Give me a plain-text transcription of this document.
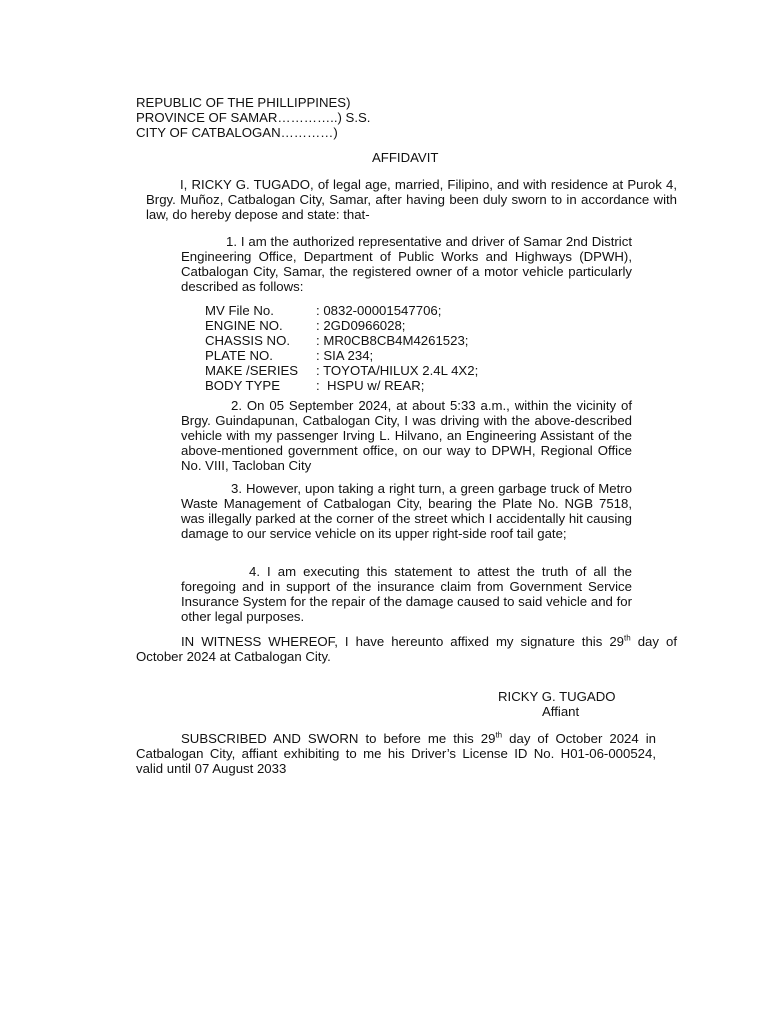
REPUBLIC OF THE PHILLIPPINES)
PROVINCE OF SAMAR…………..) S.S.
CITY OF CATBALOGAN…………)
AFFIDAVIT

I, RICKY G. TUGADO, of legal age, married, Filipino, and with residence at Purok 4, Brgy. Muñoz, Catbalogan City, Samar, after having been duly sworn to in accordance with law, do hereby depose and state: that-

1. I am the authorized representative and driver of Samar 2nd District Engineering Office, Department of Public Works and Highways (DPWH), Catbalogan City, Samar, the registered owner of a motor vehicle particularly described as follows:

MV File No.	: 0832-00001547706;
ENGINE NO.	: 2GD0966028;
CHASSIS NO.	: MR0CB8CB4M4261523;
PLATE NO.	: SIA 234;
MAKE /SERIES	: TOYOTA/HILUX 2.4L 4X2;
BODY TYPE	:  HSPU w/ REAR;

2. On 05 September 2024, at about 5:33 a.m., within the vicinity of Brgy. Guindapunan, Catbalogan City, I was driving with the above-described vehicle with my passenger Irving L. Hilvano, an Engineering Assistant of the above-mentioned government office, on our way to DPWH, Regional Office No. VIII, Tacloban City

3. However, upon taking a right turn, a green garbage truck of Metro Waste Management of Catbalogan City, bearing the Plate No. NGB 7518, was illegally parked at the corner of the street which I accidentally hit causing damage to our service vehicle on its upper right-side roof tail gate;

4. I am executing this statement to attest the truth of all the foregoing and in support of the insurance claim from Government Service Insurance System for the repair of the damage caused to said vehicle and for other legal purposes.

IN WITNESS WHEREOF, I have hereunto affixed my signature this 29th day of October 2024 at Catbalogan City.

RICKY G. TUGADO
Affiant

SUBSCRIBED AND SWORN to before me this 29th day of October 2024 in Catbalogan City, affiant exhibiting to me his Driver’s License ID No. H01-06-000524, valid until 07 August 2033
